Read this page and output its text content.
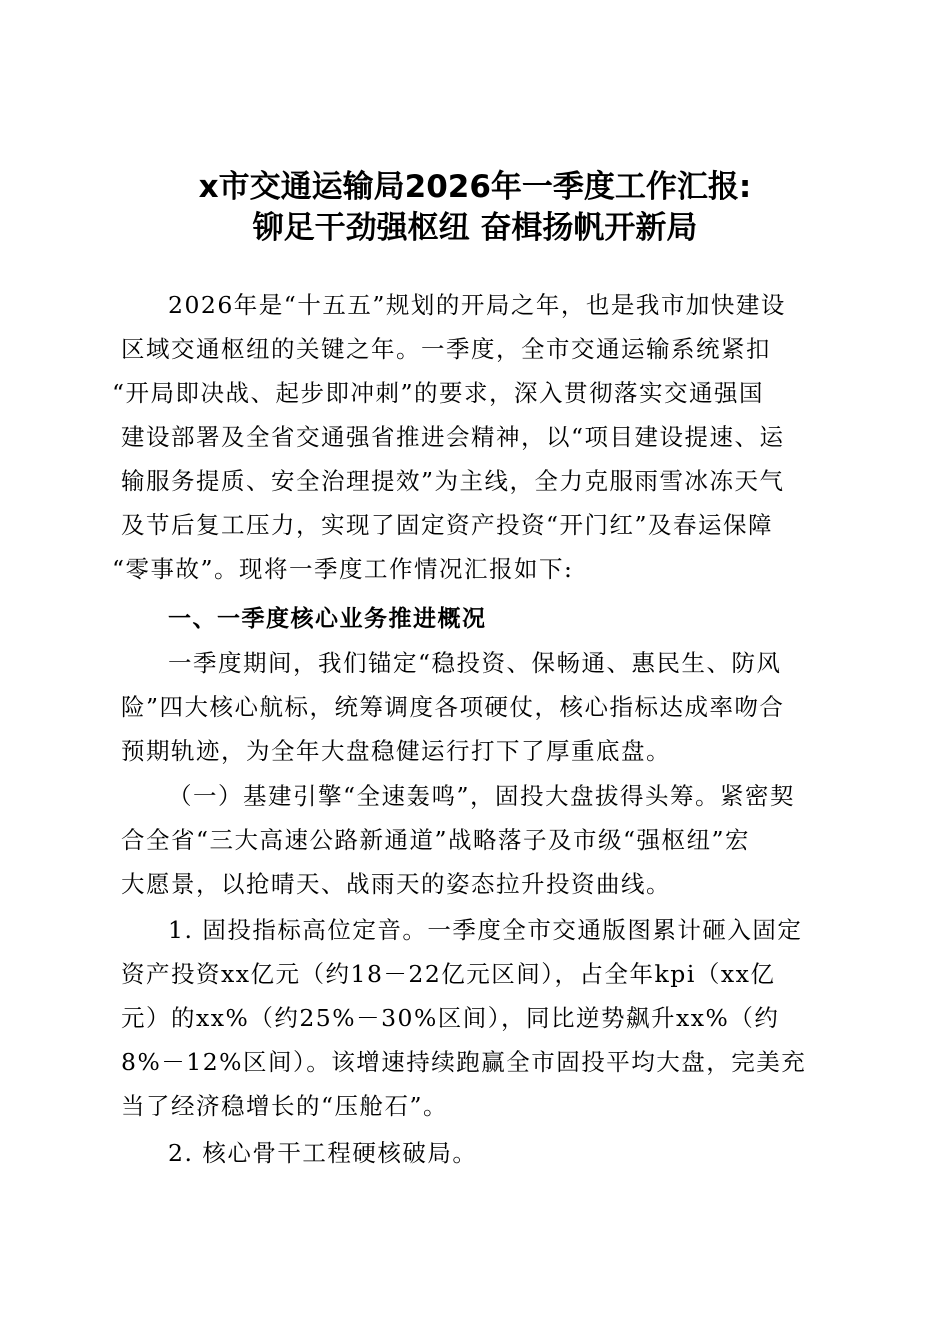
x市交通运输局2026年一季度工作汇报:
铆足干劲强枢纽 奋楫扬帆开新局
2026年是“十五五”规划的开局之年，也是我市加快建设
区域交通枢纽的关键之年。一季度，全市交通运输系统紧扣
“开局即决战、起步即冲刺”的要求，深入贯彻落实交通强国
建设部署及全省交通强省推进会精神，以“项目建设提速、运
输服务提质、安全治理提效”为主线，全力克服雨雪冰冻天气
及节后复工压力，实现了固定资产投资“开门红”及春运保障
“零事故”。现将一季度工作情况汇报如下:
一、一季度核心业务推进概况
一季度期间，我们锚定“稳投资、保畅通、惠民生、防风
险”四大核心航标，统筹调度各项硬仗，核心指标达成率吻合
预期轨迹，为全年大盘稳健运行打下了厚重底盘。
（一）基建引擎“全速轰鸣”，固投大盘拔得头筹。紧密契
合全省“三大高速公路新通道”战略落子及市级“强枢纽”宏
大愿景，以抢晴天、战雨天的姿态拉升投资曲线。
1. 固投指标高位定音。一季度全市交通版图累计砸入固定
资产投资xx亿元（约18－22亿元区间），占全年kpi（xx亿
元）的xx%（约25%－30%区间），同比逆势飙升xx%（约
8%－12%区间）。该增速持续跑赢全市固投平均大盘，完美充
当了经济稳增长的“压舱石”。
2. 核心骨干工程硬核破局。
